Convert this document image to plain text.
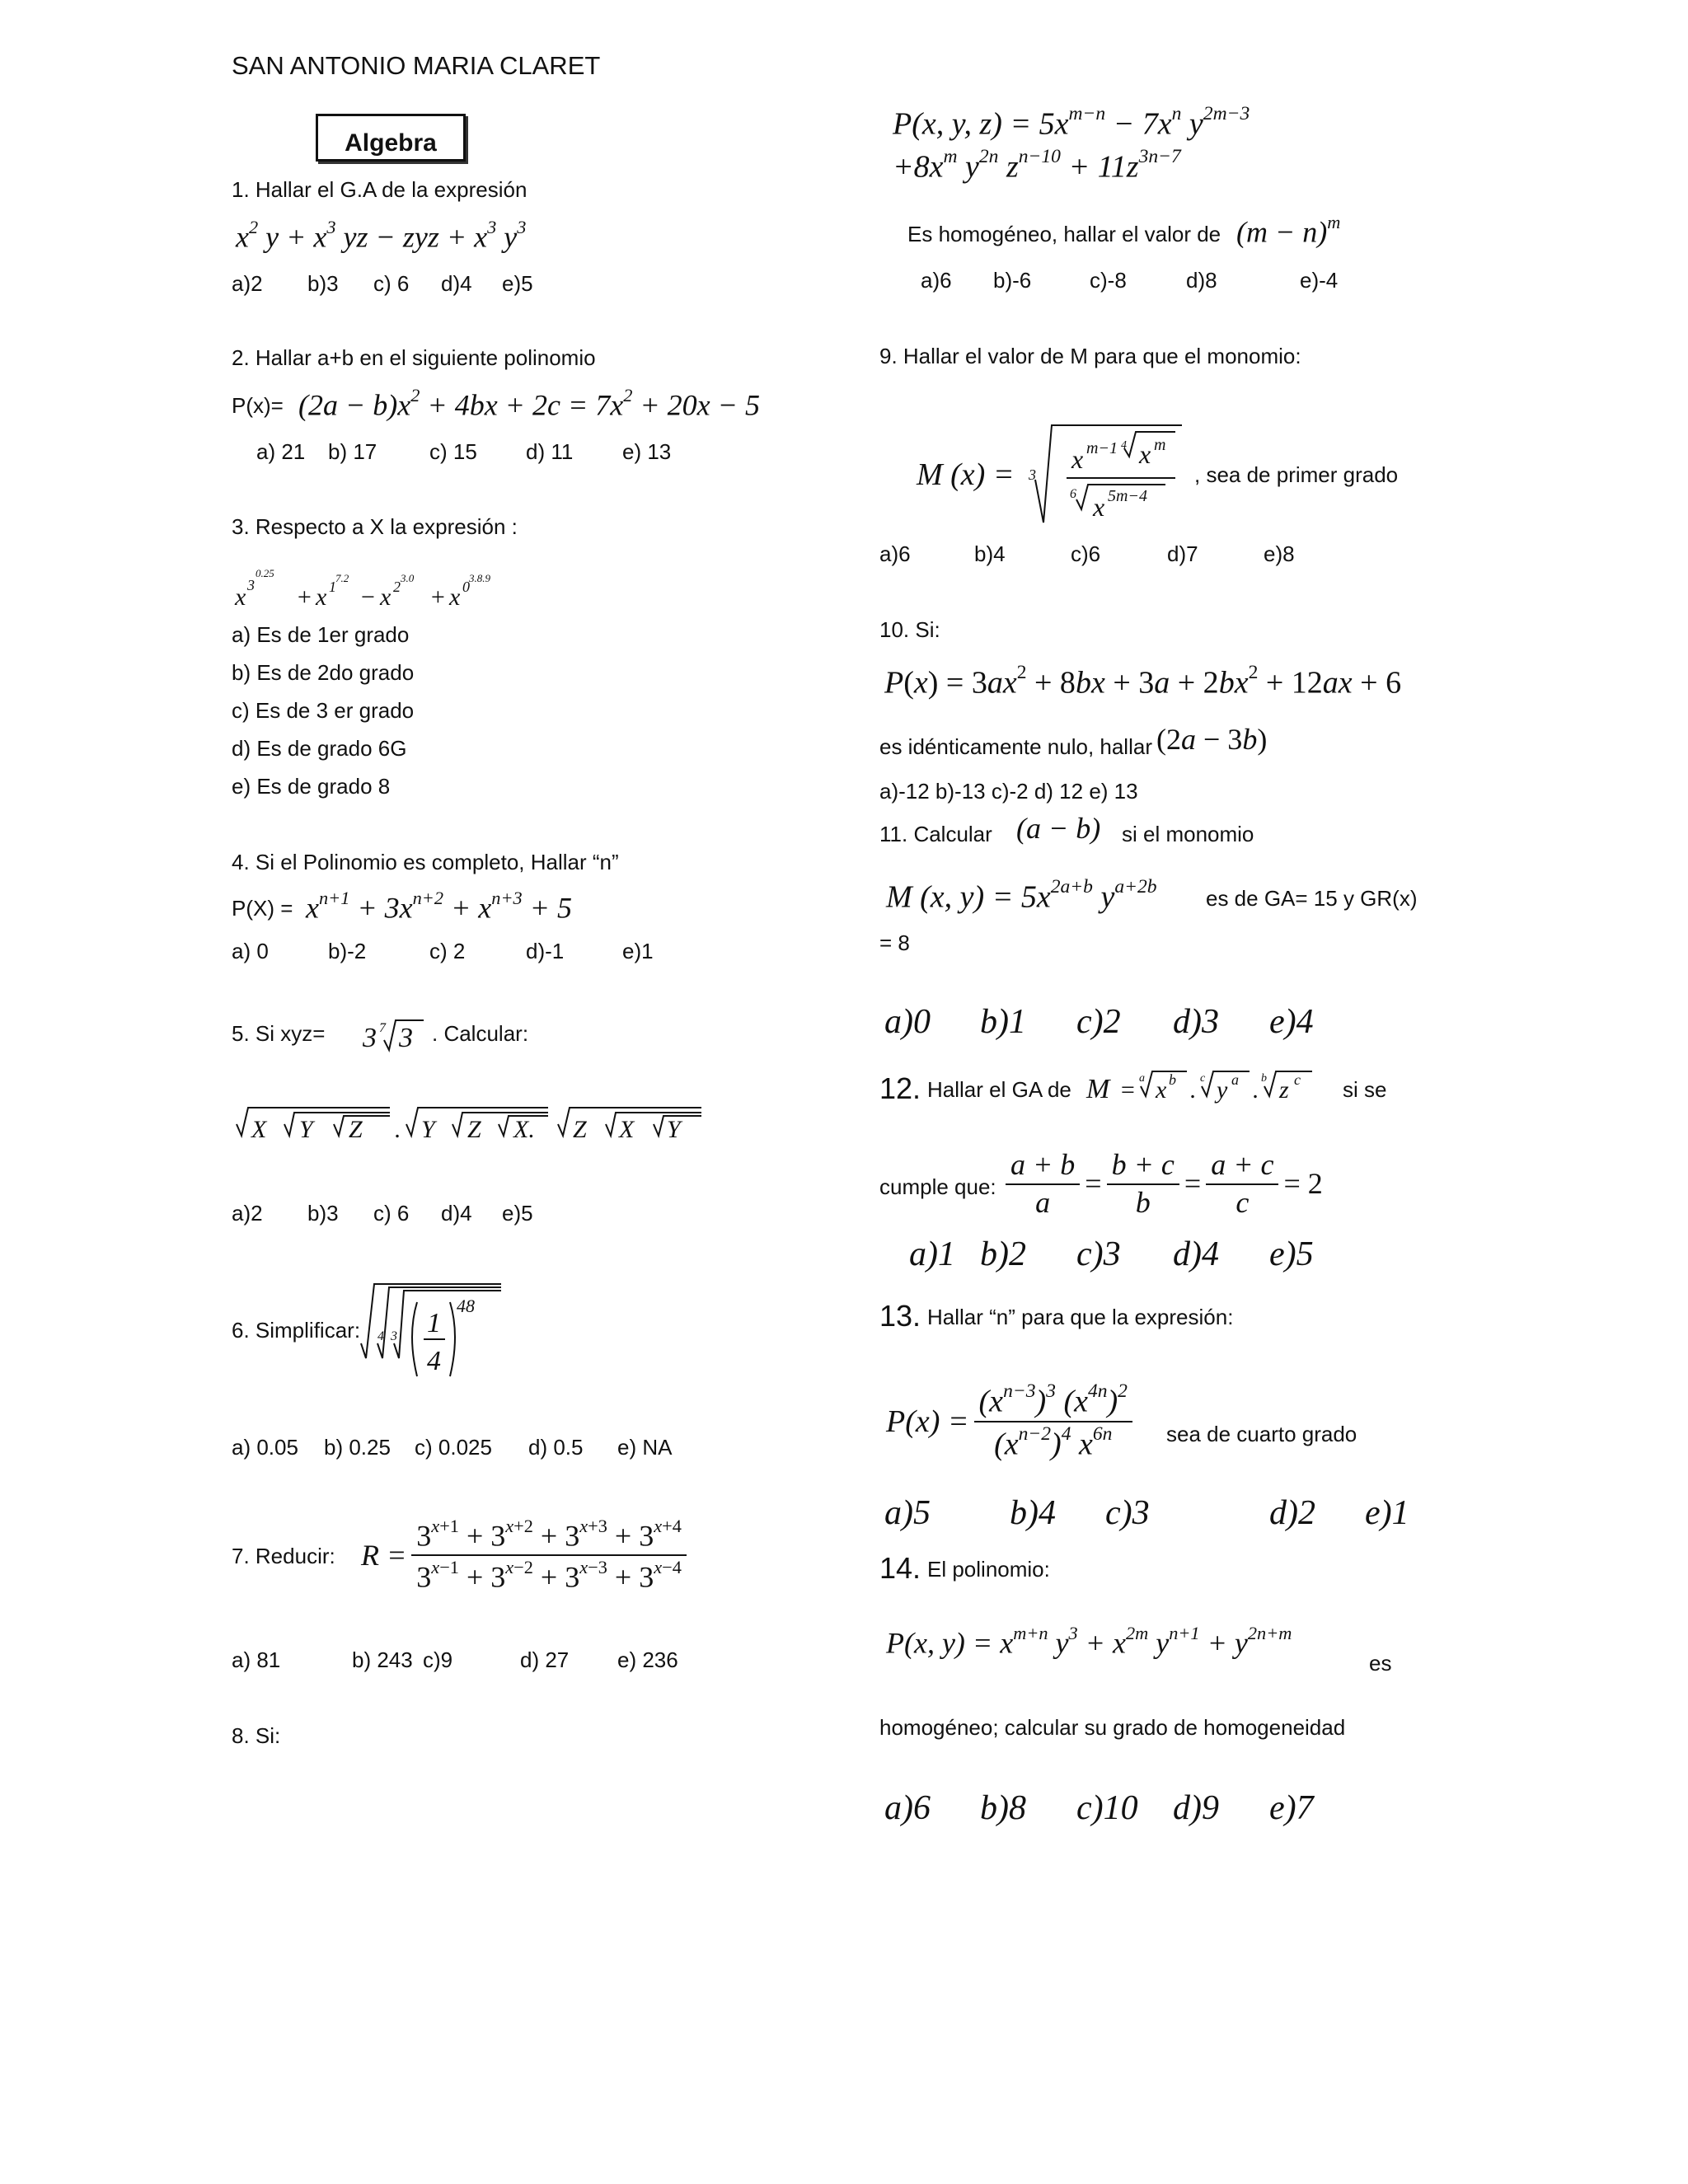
SAN ANTONIO MARIA CLARET
Algebra
1. Hallar el G.A de la expresión
$x^2$ $y + x^3$ yz − zyz + $x^3$ $y^3$
a)2 b)3 c) 6 d)4 e)5
2. Hallar a+b en el siguiente polinomio
$P(x)= (2a - b)x^2 + 4bx + 2c = 7x^2 + 20x - 5$
a) 21 b) 17 c) 15 d) 11 e) 13
3. Respecto a X la expresión :
x 3
0.25
+ x 1
7.2
− x 2
3.0
+ x 0
3.8.9
a) Es de 1er grado
b) Es de 2do grado
c) Es de 3 er grado
d) Es de grado 6G
e) Es de grado 8
4. Si el Polinomio es completo, Hallar “n”
$P(X) = x^{n+1} + 3x^{n+2} + x^{n+3} + 5$
a) 0	b)-2	c) 2	d)-1	e)1
5. Si xyz= 3 7 3 . Calcular:
X Y Z . Y Z X. Z X Y
a)2 b)3 c) 6 d)4 e)5
6. Simplificar: 4 3 1
4
48
a) 0.05 b) 0.25 c) 0.025 d) 0.5 e) NA
7. Reducir: $R = \frac{3^{x+1} + 3^{x+2} + 3^{x+3} + 3^{x+4}}{3^{x-1} + 3^{x-2} + 3^{x-3} + 3^{x-4}}$
a) 81	b) 243 c)9	d) 27 e) 236
8. Si:
P(x, y, $z) = 5x^{m-n} - 7x^n$ $y^{2m-3}$
$+8x^m$ $y^{2n}$ $z^{n-10} + 11z^{3n-7}$
Es homogéneo, hallar el valor de $(m - n)^m$
a)6 b)-6	c)-8	d)8	e)-4
9. Hallar el valor de M para que el monomio:
M (x) = 3
x m−1 4 x m
6 x 5m−4
, sea de primer grado
a)6	b)4	c)6	d)7	e)8
10. Si:
$P(x) = 3ax^2 + 8bx + 3a + 2bx^2 + 12ax + 6$
es idénticamente nulo, hallar (2a − 3b)
a)-12 b)-13 c)-2 d) 12 e) 13
11. Calcular (a − b) si el monomio
M (x, $y) = 5x^{2a+b}$ $y^{a+2b}$ es de GA= 15 y GR(x)
= 8
a)0 b)1 c)2 d)3 e)4
12. Hallar el GA de M = a x b . c y a . b z c si se
cumple que: $\frac{a + b}{a} = \frac{b + c}{b} = \frac{a + c}{c} = 2$
a)1 b)2 c)3 d)4 e)5
13. Hallar “n” para que la expresión:
$P(x) = \frac{(x^{n-3})^3 (x^{4n})^2}{(x^{n-2})^4 x^{6n}}$ sea de cuarto grado
a)5 b)4 c)3	d)2 e)1
14. El polinomio:
P(x, $y) = x^{m+n}$ $y^3 + x^{2m}$ $y^{n+1} + y^{2n+m}$
es
homogéneo; calcular su grado de homogeneidad
a)6 b)8 c)10 d)9 e)7
